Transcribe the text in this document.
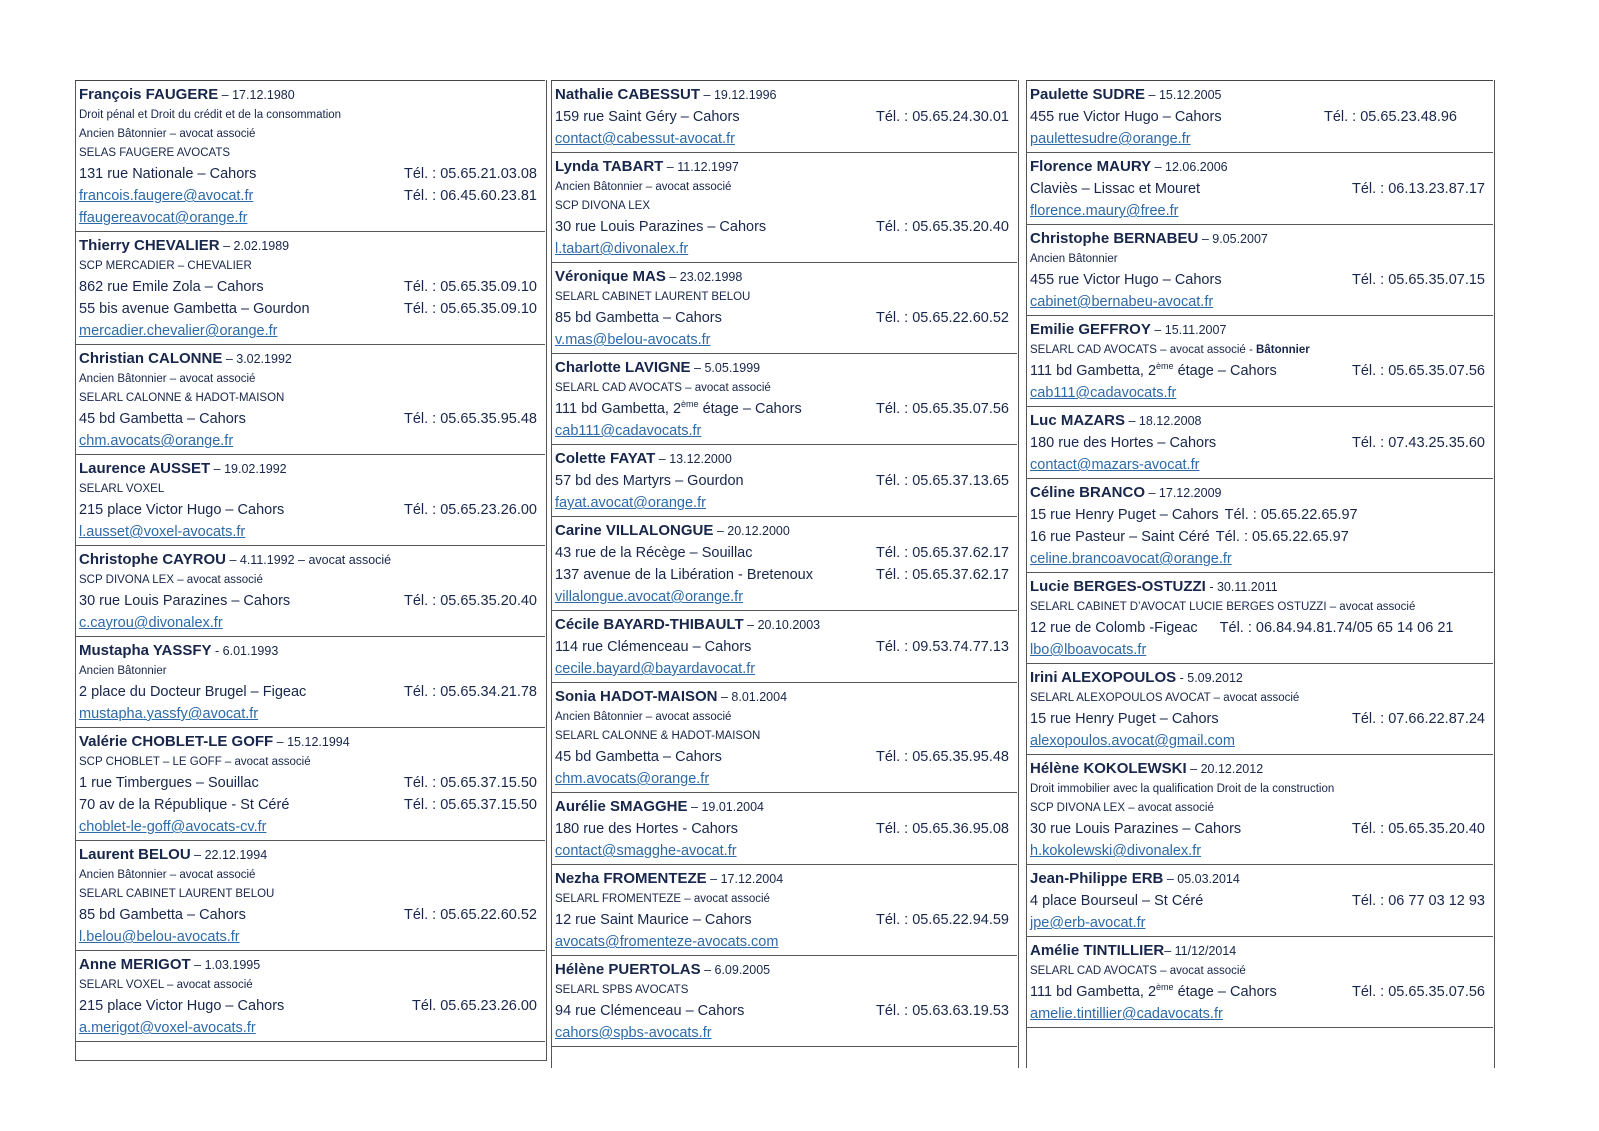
François FAUGERE – 17.12.1980
Droit pénal et Droit du crédit et de la consommation
Ancien Bâtonnier – avocat associé
SELAS FAUGERE AVOCATS
131 rue Nationale – Cahors	Tél. : 05.65.21.03.08
francois.faugere@avocat.fr	Tél. : 06.45.60.23.81
ffaugereavocat@orange.fr
Thierry CHEVALIER – 2.02.1989
SCP MERCADIER – CHEVALIER
862 rue Emile Zola – Cahors	Tél. : 05.65.35.09.10
55 bis avenue Gambetta – Gourdon	Tél. : 05.65.35.09.10
mercadier.chevalier@orange.fr
Christian CALONNE – 3.02.1992
Ancien Bâtonnier – avocat associé
SELARL CALONNE & HADOT-MAISON
45 bd Gambetta – Cahors	Tél. : 05.65.35.95.48
chm.avocats@orange.fr
Laurence AUSSET – 19.02.1992
SELARL VOXEL
215 place Victor Hugo – Cahors	Tél. : 05.65.23.26.00
l.ausset@voxel-avocats.fr
Christophe CAYROU – 4.11.1992 – avocat associé
SCP DIVONA LEX – avocat associé
30 rue Louis Parazines – Cahors	Tél. : 05.65.35.20.40
c.cayrou@divonalex.fr
Mustapha YASSFY - 6.01.1993
Ancien Bâtonnier
2 place du Docteur Brugel – Figeac	Tél. : 05.65.34.21.78
mustapha.yassfy@avocat.fr
Valérie CHOBLET-LE GOFF – 15.12.1994
SCP CHOBLET – LE GOFF – avocat associé
1 rue Timbergues – Souillac	Tél. : 05.65.37.15.50
70 av de la République - St Céré	Tél. : 05.65.37.15.50
choblet-le-goff@avocats-cv.fr
Laurent BELOU – 22.12.1994
Ancien Bâtonnier – avocat associé
SELARL CABINET LAURENT BELOU
85 bd Gambetta – Cahors	Tél. : 05.65.22.60.52
l.belou@belou-avocats.fr
Anne MERIGOT – 1.03.1995
SELARL VOXEL – avocat associé
215 place Victor Hugo – Cahors	Tél. 05.65.23.26.00
a.merigot@voxel-avocats.fr
Nathalie CABESSUT – 19.12.1996
159 rue Saint Géry – Cahors	Tél. : 05.65.24.30.01
contact@cabessut-avocat.fr
Lynda TABART – 11.12.1997
Ancien Bâtonnier – avocat associé
SCP DIVONA LEX
30 rue Louis Parazines – Cahors	Tél. : 05.65.35.20.40
l.tabart@divonalex.fr
Véronique MAS – 23.02.1998
SELARL CABINET LAURENT BELOU
85 bd Gambetta – Cahors	Tél. : 05.65.22.60.52
v.mas@belou-avocats.fr
Charlotte LAVIGNE – 5.05.1999
SELARL CAD AVOCATS – avocat associé
111 bd Gambetta, 2ème étage – Cahors	Tél. : 05.65.35.07.56
cab111@cadavocats.fr
Colette FAYAT – 13.12.2000
57 bd des Martyrs – Gourdon	Tél. : 05.65.37.13.65
fayat.avocat@orange.fr
Carine VILLALONGUE – 20.12.2000
43 rue de la Récège – Souillac	Tél. : 05.65.37.62.17
137 avenue de la Libération - Bretenoux	Tél. : 05.65.37.62.17
villalongue.avocat@orange.fr
Cécile BAYARD-THIBAULT – 20.10.2003
114 rue Clémenceau – Cahors	Tél. : 09.53.74.77.13
cecile.bayard@bayardavocat.fr
Sonia HADOT-MAISON – 8.01.2004
Ancien Bâtonnier – avocat associé
SELARL CALONNE & HADOT-MAISON
45 bd Gambetta – Cahors	Tél. : 05.65.35.95.48
chm.avocats@orange.fr
Aurélie SMAGGHE – 19.01.2004
180 rue des Hortes - Cahors	Tél. : 05.65.36.95.08
contact@smagghe-avocat.fr
Nezha FROMENTEZE – 17.12.2004
SELARL FROMENTEZE – avocat associé
12 rue Saint Maurice – Cahors	Tél. : 05.65.22.94.59
avocats@fromenteze-avocats.com
Hélène PUERTOLAS – 6.09.2005
SELARL SPBS AVOCATS
94 rue Clémenceau – Cahors	Tél. : 05.63.63.19.53
cahors@spbs-avocats.fr
Paulette SUDRE – 15.12.2005
455 rue Victor Hugo – Cahors	Tél. : 05.65.23.48.96
paulettesudre@orange.fr
Florence MAURY – 12.06.2006
Claviès – Lissac et Mouret	Tél. : 06.13.23.87.17
florence.maury@free.fr
Christophe BERNABEU – 9.05.2007
Ancien Bâtonnier
455 rue Victor Hugo – Cahors	Tél. : 05.65.35.07.15
cabinet@bernabeu-avocat.fr
Emilie GEFFROY – 15.11.2007
SELARL CAD AVOCATS – avocat associé - Bâtonnier
111 bd Gambetta, 2ème étage – Cahors	Tél. : 05.65.35.07.56
cab111@cadavocats.fr
Luc MAZARS – 18.12.2008
180 rue des Hortes – Cahors	Tél. : 07.43.25.35.60
contact@mazars-avocat.fr
Céline BRANCO – 17.12.2009
15 rue Henry Puget – Cahors Tél. : 05.65.22.65.97
16 rue Pasteur – Saint Céré Tél. : 05.65.22.65.97
celine.brancoavocat@orange.fr
Lucie BERGES-OSTUZZI - 30.11.2011
SELARL CABINET D’AVOCAT LUCIE BERGES OSTUZZI – avocat associé
12 rue de Colomb -Figeac Tél. : 06.84.94.81.74/05 65 14 06 21
lbo@lboavocats.fr
Irini ALEXOPOULOS - 5.09.2012
SELARL ALEXOPOULOS AVOCAT – avocat associé
15 rue Henry Puget – Cahors	Tél. : 07.66.22.87.24
alexopoulos.avocat@gmail.com
Hélène KOKOLEWSKI – 20.12.2012
Droit immobilier avec la qualification Droit de la construction
SCP DIVONA LEX – avocat associé
30 rue Louis Parazines – Cahors	Tél. : 05.65.35.20.40
h.kokolewski@divonalex.fr
Jean-Philippe ERB – 05.03.2014
4 place Bourseul – St Céré	Tél. : 06 77 03 12 93
jpe@erb-avocat.fr
Amélie TINTILLIER– 11/12/2014
SELARL CAD AVOCATS – avocat associé
111 bd Gambetta, 2ème étage – Cahors	Tél. : 05.65.35.07.56
amelie.tintillier@cadavocats.fr
